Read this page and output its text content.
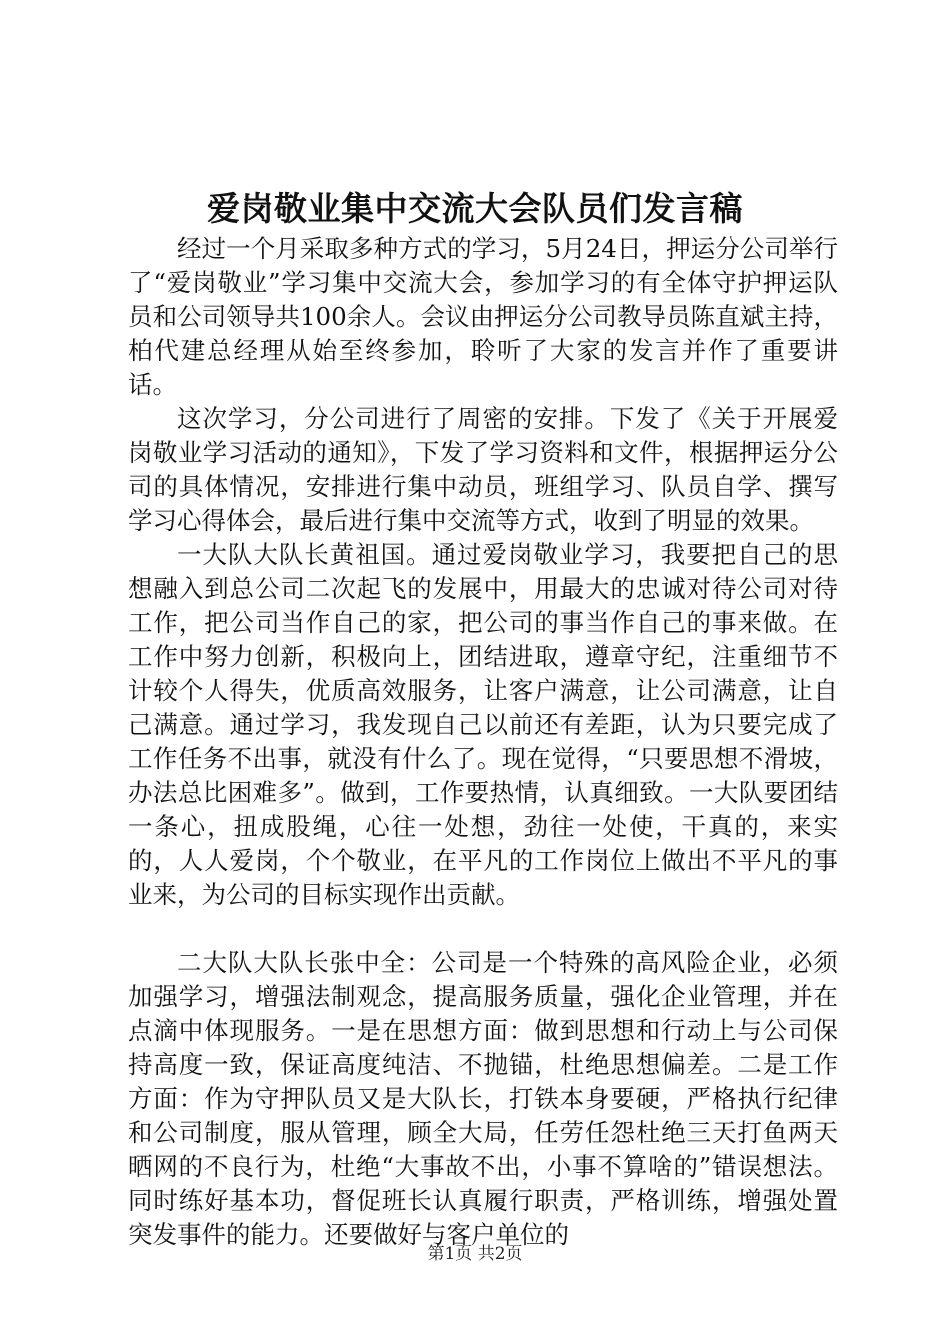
爱岗敬业集中交流大会队员们发言稿

经过一个月采取多种方式的学习，5月24日，押运分公司举行了“爱岗敬业”学习集中交流大会，参加学习的有全体守护押运队员和公司领导共100余人。会议由押运分公司教导员陈直斌主持，柏代建总经理从始至终参加，聆听了大家的发言并作了重要讲话。

这次学习，分公司进行了周密的安排。下发了《关于开展爱岗敬业学习活动的通知》，下发了学习资料和文件，根据押运分公司的具体情况，安排进行集中动员，班组学习、队员自学、撰写学习心得体会，最后进行集中交流等方式，收到了明显的效果。

一大队大队长黄祖国。通过爱岗敬业学习，我要把自己的思想融入到总公司二次起飞的发展中，用最大的忠诚对待公司对待工作，把公司当作自己的家，把公司的事当作自己的事来做。在工作中努力创新，积极向上，团结进取，遵章守纪，注重细节不计较个人得失，优质高效服务，让客户满意，让公司满意，让自己满意。通过学习，我发现自己以前还有差距，认为只要完成了工作任务不出事，就没有什么了。现在觉得，“只要思想不滑坡，办法总比困难多”。做到，工作要热情，认真细致。一大队要团结一条心，扭成股绳，心往一处想，劲往一处使，干真的，来实的，人人爱岗，个个敬业，在平凡的工作岗位上做出不平凡的事业来，为公司的目标实现作出贡献。

二大队大队长张中全：公司是一个特殊的高风险企业，必须加强学习，增强法制观念，提高服务质量，强化企业管理，并在点滴中体现服务。一是在思想方面：做到思想和行动上与公司保持高度一致，保证高度纯洁、不抛锚，杜绝思想偏差。二是工作方面：作为守押队员又是大队长，打铁本身要硬，严格执行纪律和公司制度，服从管理，顾全大局，任劳任怨杜绝三天打鱼两天晒网的不良行为，杜绝“大事故不出，小事不算啥的”错误想法。同时练好基本功，督促班长认真履行职责，严格训练，增强处置突发事件的能力。还要做好与客户单位的

第1页 共2页
